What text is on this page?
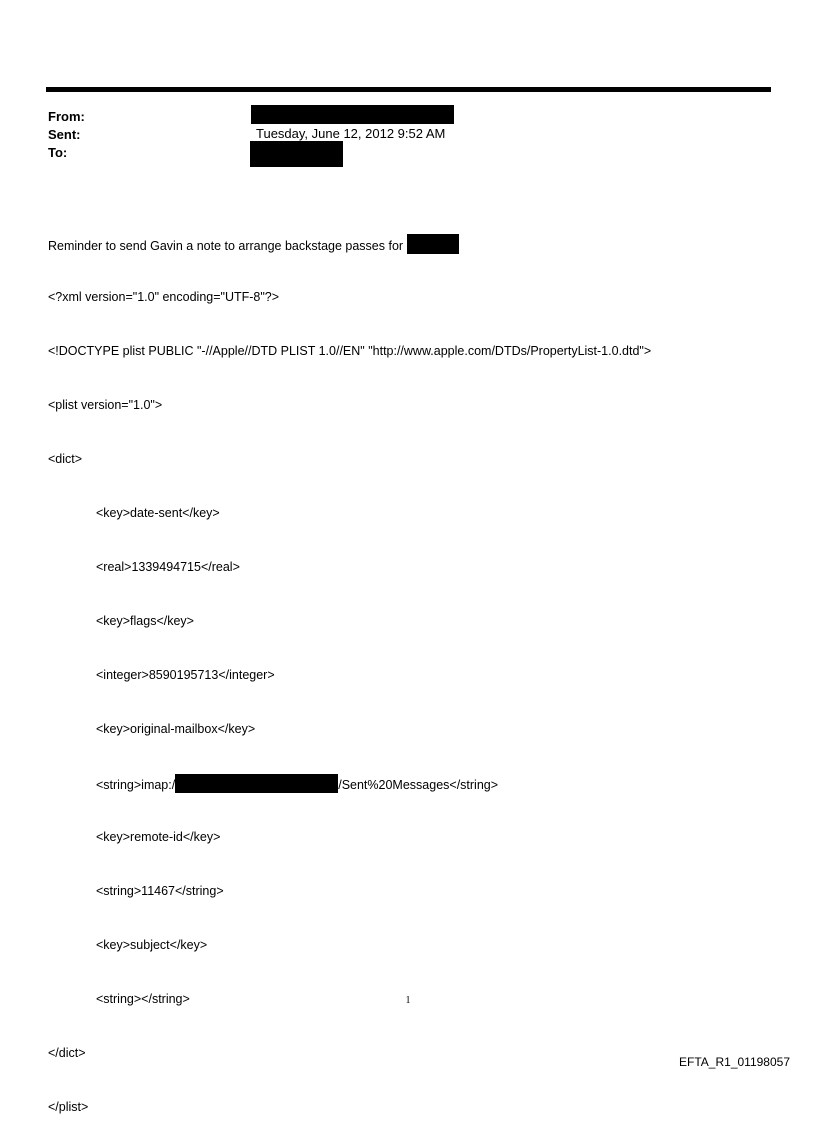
From:
Sent:	Tuesday, June 12, 2012 9:52 AM
To:

Reminder to send Gavin a note to arrange backstage passes for

<?xml version="1.0" encoding="UTF-8"?>

<!DOCTYPE plist PUBLIC "-//Apple//DTD PLIST 1.0//EN" "http://www.apple.com/DTDs/PropertyList-1.0.dtd">

<plist version="1.0">

<dict>

<key>date-sent</key>

<real>1339494715</real>

<key>flags</key>

<integer>8590195713</integer>

<key>original-mailbox</key>

<string>imap:/	/Sent%20Messages</string>

<key>remote-id</key>

<string>11467</string>

<key>subject</key>

<string></string>

</dict>

</plist>

1
EFTA_R1_01198057
